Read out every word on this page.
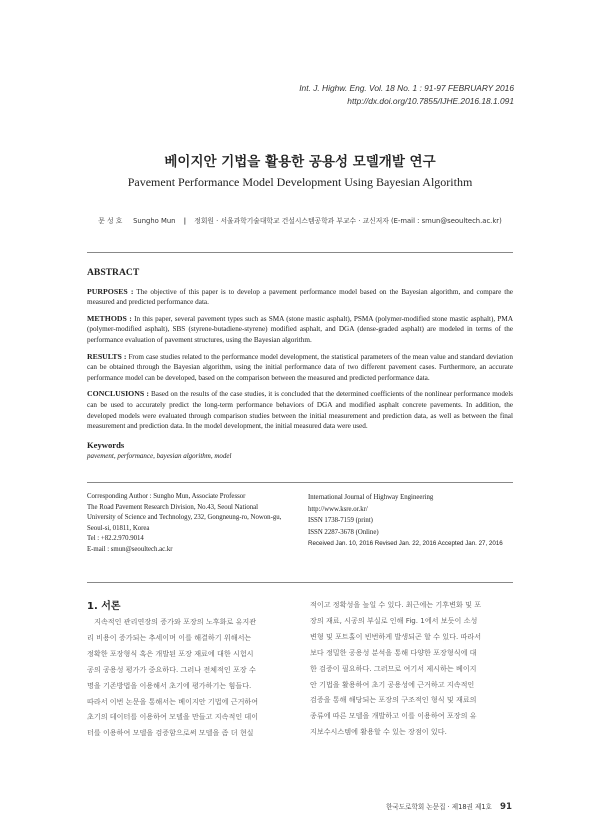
Int. J. Highw. Eng. Vol. 18 No. 1 : 91-97 FEBRUARY 2016
http://dx.doi.org/10.7855/IJHE.2016.18.1.091
베이지안 기법을 활용한 공용성 모델개발 연구
Pavement Performance Model Development Using Bayesian Algorithm
문 성 호 Sungho Mun | 정회원 · 서울과학기술대학교 건설시스템공학과 부교수 · 교신저자 (E-mail : smun@seoultech.ac.kr)
ABSTRACT

PURPOSES : The objective of this paper is to develop a pavement performance model based on the Bayesian algorithm, and compare the measured and predicted performance data.

METHODS : In this paper, several pavement types such as SMA (stone mastic asphalt), PSMA (polymer-modified stone mastic asphalt), PMA (polymer-modified asphalt), SBS (styrene-butadiene-styrene) modified asphalt, and DGA (dense-graded asphalt) are modeled in terms of the performance evaluation of pavement structures, using the Bayesian algorithm.

RESULTS : From case studies related to the performance model development, the statistical parameters of the mean value and standard deviation can be obtained through the Bayesian algorithm, using the initial performance data of two different pavement cases. Furthermore, an accurate performance model can be developed, based on the comparison between the measured and predicted performance data.

CONCLUSIONS : Based on the results of the case studies, it is concluded that the determined coefficients of the nonlinear performance models can be used to accurately predict the long-term performance behaviors of DGA and modified asphalt concrete pavements. In addition, the developed models were evaluated through comparison studies between the initial measurement and prediction data, as well as between the final measurement and prediction data. In the model development, the initial measured data were used.

Keywords
pavement, performance, bayesian algorithm, model
Corresponding Author : Sungho Mun, Associate Professor
The Road Pavement Research Division, No.43, Seoul National
University of Science and Technology, 232, Gongneung-ro, Nowon-gu,
Seoul-si, 01811, Korea
Tel : +82.2.970.9014
E-mail : smun@seoultech.ac.kr
International Journal of Highway Engineering
http://www.ksre.or.kr/
ISSN 1738-7159 (print)
ISSN 2287-3678 (Online)
Received Jan. 10, 2016 Revised Jan. 22, 2016 Accepted Jan. 27, 2016
1. 서론
　지속적인 관리연장의 증가와 포장의 노후화로 유지관
리 비용이 증가되는 추세이며 이를 해결하기 위해서는
정확한 포장형식 혹은 개발된 포장 재료에 대한 시험시
공의 공용성 평가가 중요하다. 그러나 전체적인 포장 수
명을 기존방법을 이용해서 초기에 평가하기는 힘들다.
따라서 이번 논문을 통해서는 베이지안 기법에 근거하여
초기의 데이터를 이용하여 모델을 만들고 지속적인 데이
터를 이용하여 모델을 검증함으로써 모델을 좀 더 현실
적이고 정확성을 높일 수 있다. 최근에는 기후변화 및 포
장의 재료, 시공의 부실로 인해 Fig. 1에서 보듯이 소성
변형 및 포트홀이 빈번하게 발생되곤 할 수 있다. 따라서
보다 정밀한 공용성 분석을 통해 다양한 포장형식에 대
한 검증이 필요하다. 그러므로 여기서 제시하는 베이지
안 기법을 활용하여 초기 공용성에 근거하고 지속적인
검증을 통해 해당되는 포장의 구조적인 형식 및 재료의
종류에 따른 모델을 개발하고 이를 이용하여 포장의 유
지보수시스템에 활용할 수 있는 장점이 있다.
한국도로학회 논문집 · 제18권 제1호 91
